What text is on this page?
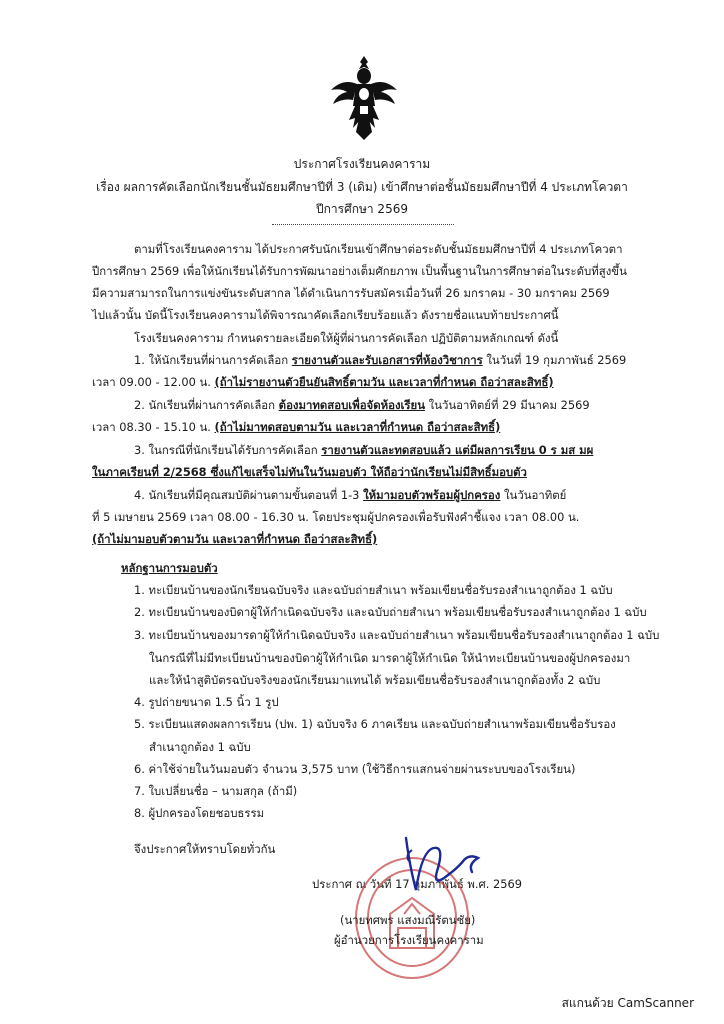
ประกาศโรงเรียนคงคาราม
เรื่อง ผลการคัดเลือกนักเรียนชั้นมัธยมศึกษาปีที่ 3 (เดิม) เข้าศึกษาต่อชั้นมัธยมศึกษาปีที่ 4 ประเภทโควตา
ปีการศึกษา 2569
ตามที่โรงเรียนคงคาราม ได้ประกาศรับนักเรียนเข้าศึกษาต่อระดับชั้นมัธยมศึกษาปีที่ 4 ประเภทโควตา
ปีการศึกษา 2569 เพื่อให้นักเรียนได้รับการพัฒนาอย่างเต็มศักยภาพ เป็นพื้นฐานในการศึกษาต่อในระดับที่สูงขึ้น
มีความสามารถในการแข่งขันระดับสากล ได้ดำเนินการรับสมัครเมื่อวันที่ 26 มกราคม - 30 มกราคม 2569
ไปแล้วนั้น บัดนี้โรงเรียนคงคารามได้พิจารณาคัดเลือกเรียบร้อยแล้ว ดังรายชื่อแนบท้ายประกาศนี้
โรงเรียนคงคาราม กำหนดรายละเอียดให้ผู้ที่ผ่านการคัดเลือก ปฏิบัติตามหลักเกณฑ์ ดังนี้
1. ให้นักเรียนที่ผ่านการคัดเลือก รายงานตัวและรับเอกสารที่ห้องวิชาการ ในวันที่ 19 กุมภาพันธ์ 2569
เวลา 09.00 - 12.00 น. (ถ้าไม่รายงานตัวยืนยันสิทธิ์ตามวัน และเวลาที่กำหนด ถือว่าสละสิทธิ์)
2. นักเรียนที่ผ่านการคัดเลือก ต้องมาทดสอบเพื่อจัดห้องเรียน ในวันอาทิตย์ที่ 29 มีนาคม 2569
เวลา 08.30 - 15.10 น. (ถ้าไม่มาทดสอบตามวัน และเวลาที่กำหนด ถือว่าสละสิทธิ์)
3. ในกรณีที่นักเรียนได้รับการคัดเลือก รายงานตัวและทดสอบแล้ว แต่มีผลการเรียน 0 ร มส มผ
ในภาคเรียนที่ 2/2568 ซึ่งแก้ไขเสร็จไม่ทันในวันมอบตัว ให้ถือว่านักเรียนไม่มีสิทธิ์มอบตัว
4. นักเรียนที่มีคุณสมบัติผ่านตามขั้นตอนที่ 1-3 ให้มามอบตัวพร้อมผู้ปกครอง ในวันอาทิตย์
ที่ 5 เมษายน 2569 เวลา 08.00 - 16.30 น. โดยประชุมผู้ปกครองเพื่อรับฟังคำชี้แจง เวลา 08.00 น.
(ถ้าไม่มามอบตัวตามวัน และเวลาที่กำหนด ถือว่าสละสิทธิ์)
หลักฐานการมอบตัว
1. ทะเบียนบ้านของนักเรียนฉบับจริง และฉบับถ่ายสำเนา พร้อมเขียนชื่อรับรองสำเนาถูกต้อง 1 ฉบับ
2. ทะเบียนบ้านของบิดาผู้ให้กำเนิดฉบับจริง และฉบับถ่ายสำเนา พร้อมเขียนชื่อรับรองสำเนาถูกต้อง 1 ฉบับ
3. ทะเบียนบ้านของมารดาผู้ให้กำเนิดฉบับจริง และฉบับถ่ายสำเนา พร้อมเขียนชื่อรับรองสำเนาถูกต้อง 1 ฉบับ
ในกรณีที่ไม่มีทะเบียนบ้านของบิดาผู้ให้กำเนิด มารดาผู้ให้กำเนิด ให้นำทะเบียนบ้านของผู้ปกครองมา
และให้นำสูติบัตรฉบับจริงของนักเรียนมาแทนได้ พร้อมเขียนชื่อรับรองสำเนาถูกต้องทั้ง 2 ฉบับ
4. รูปถ่ายขนาด 1.5 นิ้ว 1 รูป
5. ระเบียนแสดงผลการเรียน (ปพ. 1) ฉบับจริง 6 ภาคเรียน และฉบับถ่ายสำเนาพร้อมเขียนชื่อรับรอง
สำเนาถูกต้อง 1 ฉบับ
6. ค่าใช้จ่ายในวันมอบตัว จำนวน 3,575 บาท (ใช้วิธีการแสกนจ่ายผ่านระบบของโรงเรียน)
7. ใบเปลี่ยนชื่อ – นามสกุล (ถ้ามี)
8. ผู้ปกครองโดยชอบธรรม
จึงประกาศให้ทราบโดยทั่วกัน
ประกาศ ณ วันที่ 17 กุมภาพันธ์ พ.ศ. 2569
(นายทศพร แสงมณีรัตนชัย)
ผู้อำนวยการโรงเรียนคงคาราม
สแกนด้วย CamScanner
